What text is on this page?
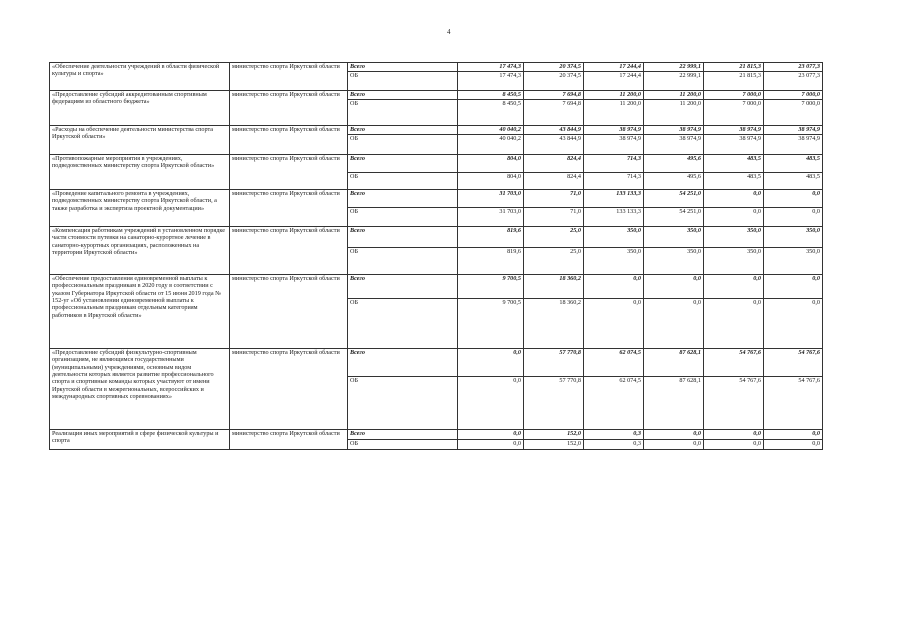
4
«Обеспечение деятельности учреждений в области физической культуры и спорта»	министерство спорта Иркутской области	Всего	17 474,3	20 374,5	17 244,4	22 999,1	21 815,3	23 077,3
		ОБ	17 474,3	20 374,5	17 244,4	22 999,1	21 815,3	23 077,3
«Предоставление субсидий аккредитованным спортивным федерациям из областного бюджета»	министерство спорта Иркутской области	Всего	8 450,5	7 694,8	11 200,0	11 200,0	7 000,0	7 000,0
		ОБ	8 450,5	7 694,8	11 200,0	11 200,0	7 000,0	7 000,0
«Расходы на обеспечение деятельности министерства спорта Иркутской области»	министерство спорта Иркутской области	Всего	40 040,2	43 844,9	38 974,9	38 974,9	38 974,9	38 974,9
		ОБ	40 040,2	43 844,9	38 974,9	38 974,9	38 974,9	38 974,9
«Противопожарные мероприятия в учреждениях, подведомственных министерству спорта Иркутской области»	министерство спорта Иркутской области	Всего	804,0	824,4	714,3	495,6	483,5	483,5
		ОБ	804,0	824,4	714,3	495,6	483,5	483,5
«Проведение капитального ремонта в учреждениях, подведомственных министерству спорта Иркутской области, а также разработка и экспертиза проектной документации»	министерство спорта Иркутской области	Всего	31 703,0	71,0	133 133,3	54 251,0	0,0	0,0
		ОБ	31 703,0	71,0	133 133,3	54 251,0	0,0	0,0
«Компенсация работникам учреждений в установленном порядке части стоимости путевки на санаторно-курортное лечение в санаторно-курортных организациях, расположенных на территории Иркутской области»	министерство спорта Иркутской области	Всего	819,6	25,0	350,0	350,0	350,0	350,0
		ОБ	819,6	25,0	350,0	350,0	350,0	350,0
«Обеспечение предоставления единовременной выплаты к профессиональным праздникам в 2020 году в соответствии с указом Губернатора Иркутской области от 15 июня 2019 года № 152-уг «Об установлении единовременной выплаты к профессиональным праздникам отдельным категориям работников в Иркутской области»	министерство спорта Иркутской области	Всего	9 700,5	18 360,2	0,0	0,0	0,0	0,0
		ОБ	9 700,5	18 360,2	0,0	0,0	0,0	0,0
«Предоставление субсидий физкультурно-спортивным организациям, не являющимся государственными (муниципальными) учреждениями, основным видом деятельности которых является развитие профессионального спорта и спортивные команды которых участвуют от имени Иркутской области в межрегиональных, всероссийских и международных спортивных соревнованиях»	министерство спорта Иркутской области	Всего	0,0	57 770,8	62 074,5	87 628,1	54 767,6	54 767,6
		ОБ	0,0	57 770,8	62 074,5	87 628,1	54 767,6	54 767,6
Реализация иных мероприятий в сфере физической культуры и спорта	министерство спорта Иркутской области	Всего	0,0	152,0	0,3	0,0	0,0	0,0
		ОБ	0,0	152,0	0,3	0,0	0,0	0,0
